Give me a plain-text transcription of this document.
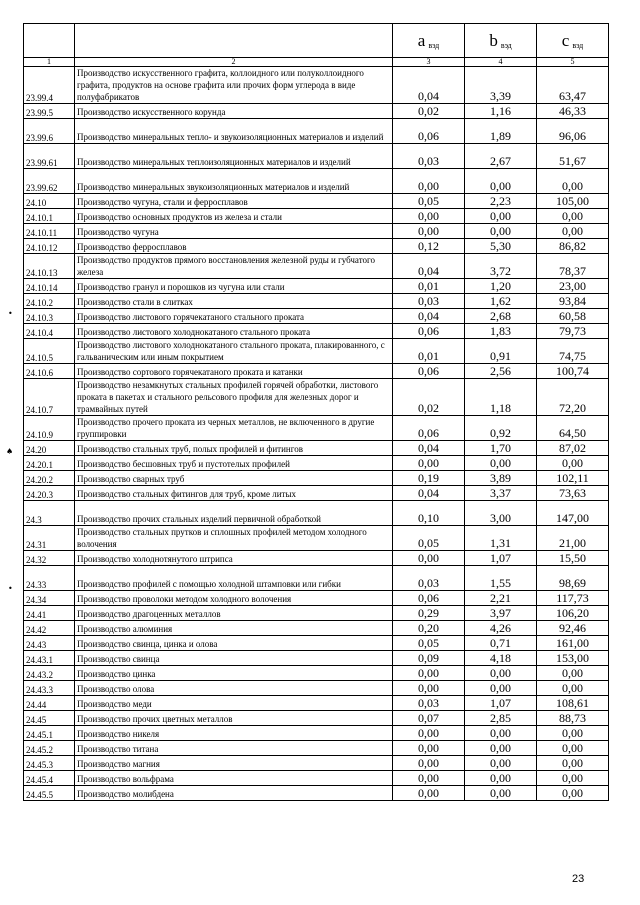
		a вэд	b вэд	c вэд
1	2	3	4	5
23.99.4	Производство искусственного графита, коллоидного или полуколлоидного графита, продуктов на основе графита или прочих форм углерода в виде полуфабрикатов	0,04	3,39	63,47
23.99.5	Производство искусственного корунда	0,02	1,16	46,33
23.99.6	Производство минеральных тепло- и звукоизоляционных материалов и изделий	0,06	1,89	96,06
23.99.61	Производство минеральных теплоизоляционных материалов и изделий	0,03	2,67	51,67
23.99.62	Производство минеральных звукоизоляционных материалов и изделий	0,00	0,00	0,00
24.10	Производство чугуна, стали и ферросплавов	0,05	2,23	105,00
24.10.1	Производство основных продуктов из железа и стали	0,00	0,00	0,00
24.10.11	Производство чугуна	0,00	0,00	0,00
24.10.12	Производство ферросплавов	0,12	5,30	86,82
24.10.13	Производство продуктов прямого восстановления железной руды и губчатого железа	0,04	3,72	78,37
24.10.14	Производство гранул и порошков из чугуна или стали	0,01	1,20	23,00
24.10.2	Производство стали в слитках	0,03	1,62	93,84
24.10.3	Производство листового горячекатаного стального проката	0,04	2,68	60,58
24.10.4	Производство листового холоднокатаного стального проката	0,06	1,83	79,73
24.10.5	Производство листового холоднокатаного стального проката, плакированного, с гальваническим или иным покрытием	0,01	0,91	74,75
24.10.6	Производство сортового горячекатаного проката и катанки	0,06	2,56	100,74
24.10.7	Производство незамкнутых стальных профилей горячей обработки, листового проката в пакетах и стального рельсового профиля для железных дорог и трамвайных путей	0,02	1,18	72,20
24.10.9	Производство прочего проката из черных металлов, не включенного в другие группировки	0,06	0,92	64,50
24.20	Производство стальных труб, полых профилей и фитингов	0,04	1,70	87,02
24.20.1	Производство бесшовных труб и пустотелых профилей	0,00	0,00	0,00
24.20.2	Производство сварных труб	0,19	3,89	102,11
24.20.3	Производство стальных фитингов для труб, кроме литых	0,04	3,37	73,63
24.3	Производство прочих стальных изделий первичной обработкой	0,10	3,00	147,00
24.31	Производство стальных прутков и сплошных профилей методом холодного волочения	0,05	1,31	21,00
24.32	Производство холоднотянутого штрипса	0,00	1,07	15,50
24.33	Производство профилей с помощью холодной штамповки или гибки	0,03	1,55	98,69
24.34	Производство проволоки методом холодного волочения	0,06	2,21	117,73
24.41	Производство драгоценных металлов	0,29	3,97	106,20
24.42	Производство алюминия	0,20	4,26	92,46
24.43	Производство свинца, цинка и олова	0,05	0,71	161,00
24.43.1	Производство свинца	0,09	4,18	153,00
24.43.2	Производство цинка	0,00	0,00	0,00
24.43.3	Производство олова	0,00	0,00	0,00
24.44	Производство меди	0,03	1,07	108,61
24.45	Производство прочих цветных металлов	0,07	2,85	88,73
24.45.1	Производство никеля	0,00	0,00	0,00
24.45.2	Производство титана	0,00	0,00	0,00
24.45.3	Производство магния	0,00	0,00	0,00
24.45.4	Производство вольфрама	0,00	0,00	0,00
24.45.5	Производство молибдена	0,00	0,00	0,00
•
♠
•
23
